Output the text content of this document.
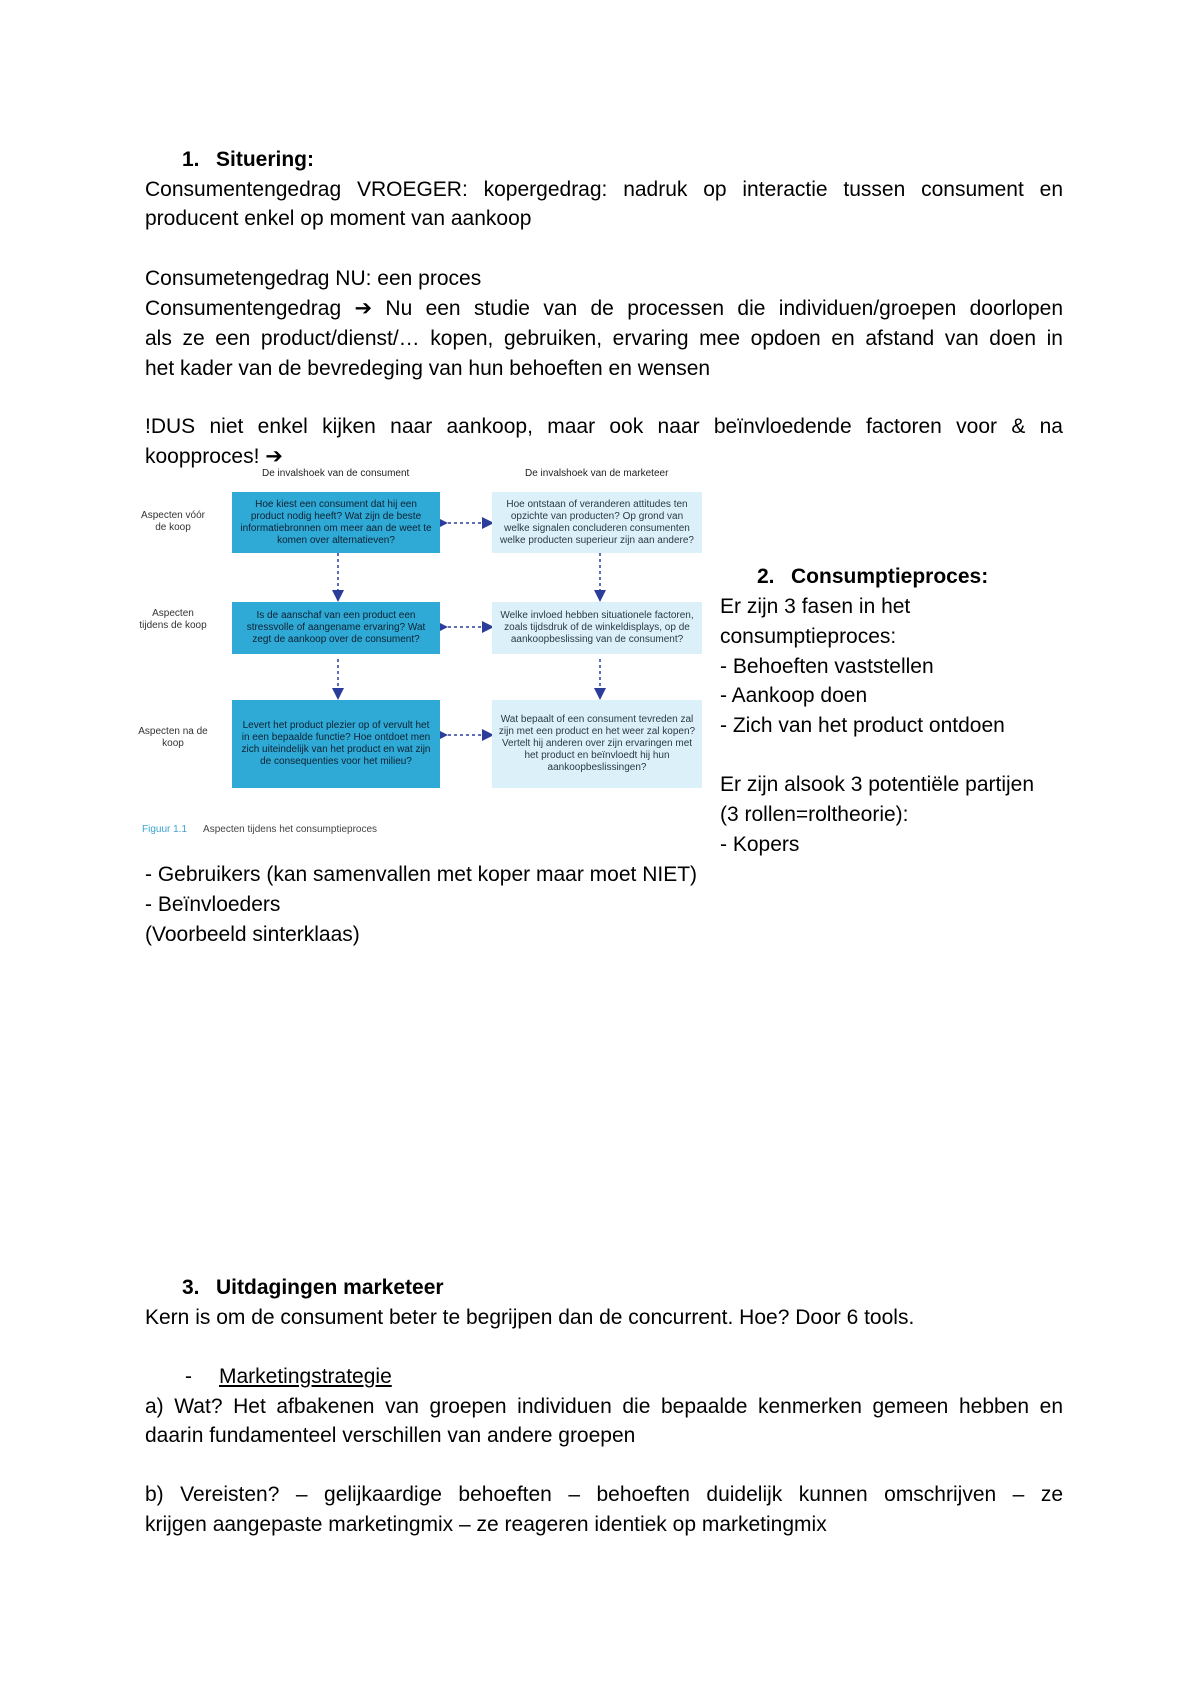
1. Situering:
Consumentengedrag VROEGER: kopergedrag: nadruk op interactie tussen consument en
producent enkel op moment van aankoop
Consumetengedrag NU: een proces
Consumentengedrag ➔ Nu een studie van de processen die individuen/groepen doorlopen
als ze een product/dienst/… kopen, gebruiken, ervaring mee opdoen en afstand van doen in
het kader van de bevredeging van hun behoeften en wensen
!DUS niet enkel kijken naar aankoop, maar ook naar beïnvloedende factoren voor & na
koopproces! ➔
De invalshoek van de consument	De invalshoek van de marketeer
Aspecten vóór de koop
Aspecten tijdens de koop
Aspecten na de koop
Hoe kiest een consument dat hij een product nodig heeft? Wat zijn de beste informatiebronnen om meer aan de weet te komen over alternatieven?
Hoe ontstaan of veranderen attitudes ten opzichte van producten? Op grond van welke signalen concluderen consumenten welke producten superieur zijn aan andere?
Is de aanschaf van een product een stressvolle of aangename ervaring? Wat zegt de aankoop over de consument?
Welke invloed hebben situationele factoren, zoals tijdsdruk of de winkeldisplays, op de aankoopbeslissing van de consument?
Levert het product plezier op of vervult het in een bepaalde functie? Hoe ontdoet men zich uiteindelijk van het product en wat zijn de consequenties voor het milieu?
Wat bepaalt of een consument tevreden zal zijn met een product en het weer zal kopen? Vertelt hij anderen over zijn ervaringen met het product en beïnvloedt hij hun aankoopbeslissingen?
Figuur 1.1 Aspecten tijdens het consumptieproces
2. Consumptieproces:
Er zijn 3 fasen in het
consumptieproces:
- Behoeften vaststellen
- Aankoop doen
- Zich van het product ontdoen
Er zijn alsook 3 potentiële partijen
(3 rollen=roltheorie):
- Kopers
- Gebruikers (kan samenvallen met koper maar moet NIET)
- Beïnvloeders
(Voorbeeld sinterklaas)
3. Uitdagingen marketeer
Kern is om de consument beter te begrijpen dan de concurrent. Hoe? Door 6 tools.
- Marketingstrategie
a) Wat? Het afbakenen van groepen individuen die bepaalde kenmerken gemeen hebben en
daarin fundamenteel verschillen van andere groepen
b) Vereisten? – gelijkaardige behoeften – behoeften duidelijk kunnen omschrijven – ze
krijgen aangepaste marketingmix – ze reageren identiek op marketingmix
